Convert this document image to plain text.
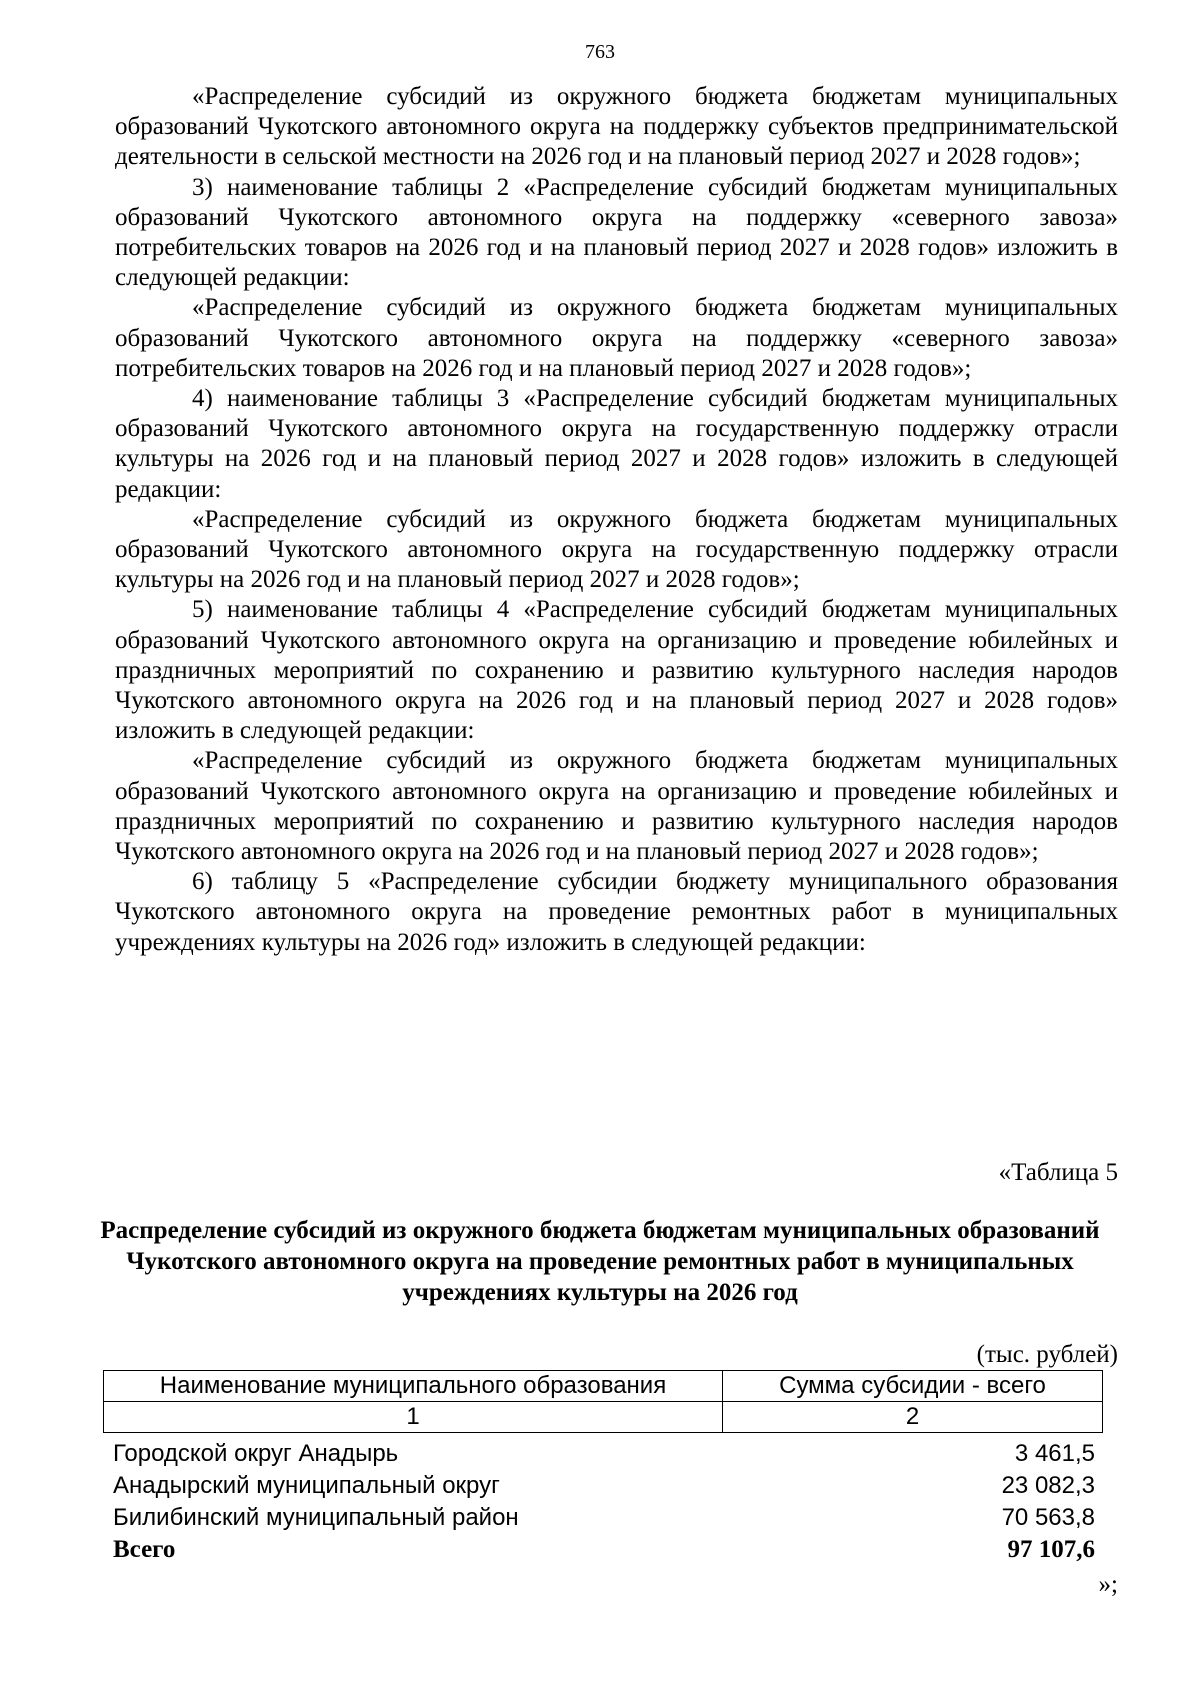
763

«Распределение субсидий из окружного бюджета бюджетам муниципальных образований Чукотского автономного округа на поддержку субъектов предпринимательской деятельности в сельской местности на 2026 год и на плановый период 2027 и 2028 годов»;

3) наименование таблицы 2 «Распределение субсидий бюджетам муниципальных образований Чукотского автономного округа на поддержку «северного завоза» потребительских товаров на 2026 год и на плановый период 2027 и 2028 годов» изложить в следующей редакции:

«Распределение субсидий из окружного бюджета бюджетам муниципальных образований Чукотского автономного округа на поддержку «северного завоза» потребительских товаров на 2026 год и на плановый период 2027 и 2028 годов»;

4) наименование таблицы 3 «Распределение субсидий бюджетам муниципальных образований Чукотского автономного округа на государственную поддержку отрасли культуры на 2026 год и на плановый период 2027 и 2028 годов» изложить в следующей редакции:

«Распределение субсидий из окружного бюджета бюджетам муниципальных образований Чукотского автономного округа на государственную поддержку отрасли культуры на 2026 год и на плановый период 2027 и 2028 годов»;

5) наименование таблицы 4 «Распределение субсидий бюджетам муниципальных образований Чукотского автономного округа на организацию и проведение юбилейных и праздничных мероприятий по сохранению и развитию культурного наследия народов Чукотского автономного округа на 2026 год и на плановый период 2027 и 2028 годов» изложить в следующей редакции:

«Распределение субсидий из окружного бюджета бюджетам муниципальных образований Чукотского автономного округа на организацию и проведение юбилейных и праздничных мероприятий по сохранению и развитию культурного наследия народов Чукотского автономного округа на 2026 год и на плановый период 2027 и 2028 годов»;

6) таблицу 5 «Распределение субсидии бюджету муниципального образования Чукотского автономного округа на проведение ремонтных работ в муниципальных учреждениях культуры на 2026 год» изложить в следующей редакции:

«Таблица 5
Распределение субсидий из окружного бюджета бюджетам муниципальных образований Чукотского автономного округа на проведение ремонтных работ в муниципальных учреждениях культуры на 2026 год
(тыс. рублей)
Наименование муниципального образования	Сумма субсидии - всего
1	2
Городской округ Анадырь	3 461,5
Анадырский муниципальный округ	23 082,3
Билибинский муниципальный район	70 563,8
Всего	97 107,6
»;
